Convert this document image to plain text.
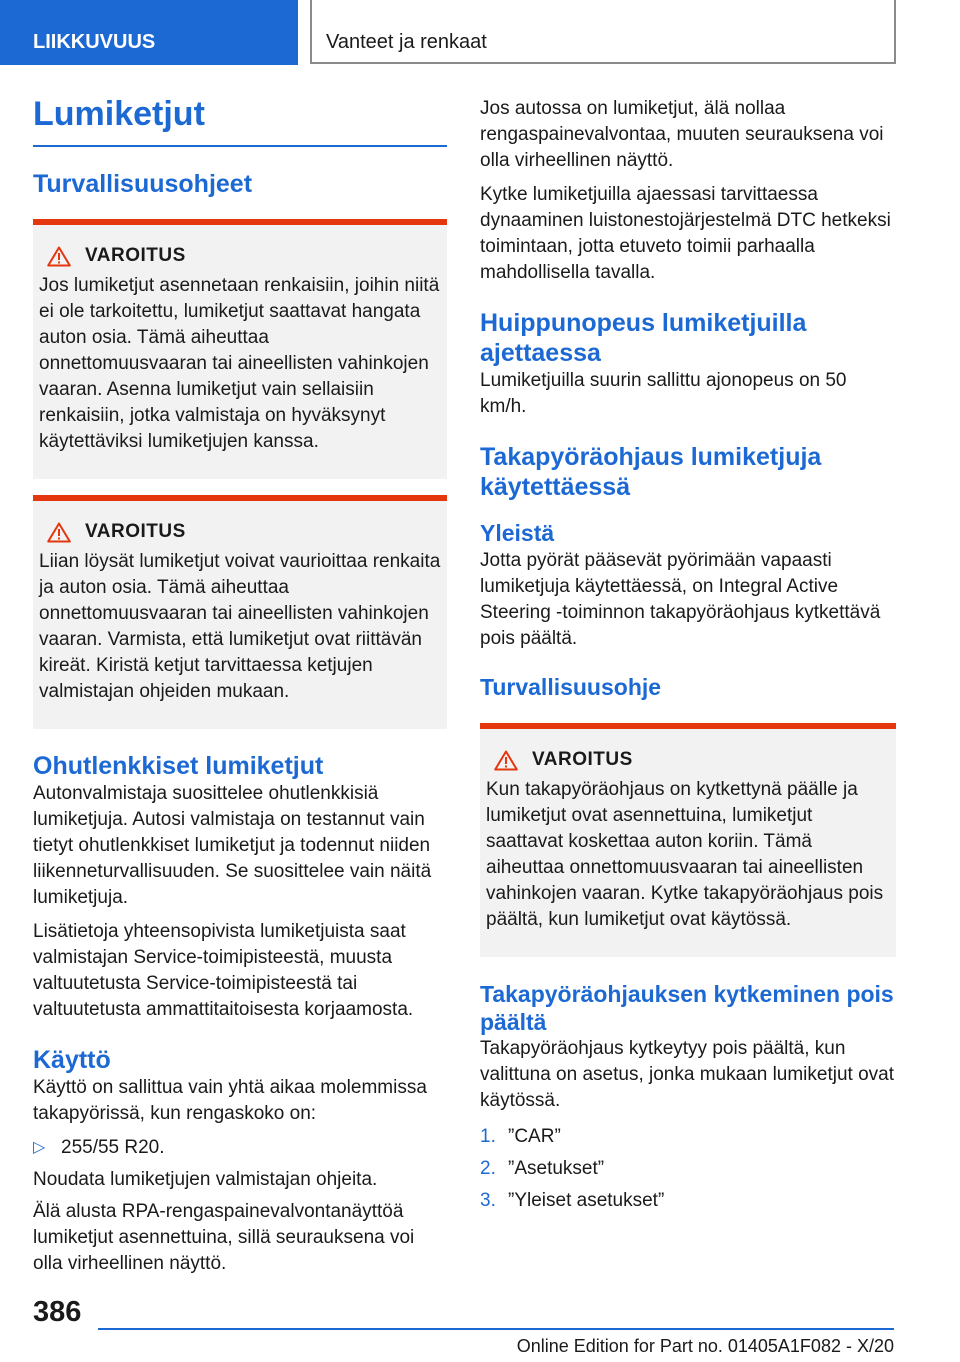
LIIKKUVUUS	Vanteet ja renkaat
Lumiketjut
Turvallisuusohjeet
VAROITUS

Jos lumiketjut asennetaan renkaisiin, joihin niitä ei ole tarkoitettu, lumiketjut saattavat hangata auton osia. Tämä aiheuttaa onnettomuusvaaran tai aineellisten vahinkojen vaaran. Asenna lumiketjut vain sellaisiin renkaisiin, jotka valmistaja on hyväksynyt käytettäviksi lumiketjujen kanssa.

VAROITUS

Liian löysät lumiketjut voivat vaurioittaa renkaita ja auton osia. Tämä aiheuttaa onnettomuusvaaran tai aineellisten vahinkojen vaaran. Varmista, että lumiketjut ovat riittävän kireät. Kiristä ketjut tarvittaessa ketjujen valmistajan ohjeiden mukaan.

Ohutlenkkiset lumiketjut

Autonvalmistaja suosittelee ohutlenkkisiä lumiketjuja. Autosi valmistaja on testannut vain tietyt ohutlenkkiset lumiketjut ja todennut niiden liikenneturvallisuuden. Se suosittelee vain näitä lumiketjuja.

Lisätietoja yhteensopivista lumiketjuista saat valmistajan Service-toimipisteestä, muusta valtuutetusta Service-toimipisteestä tai valtuutetusta ammattitaitoisesta korjaamosta.

Käyttö

Käyttö on sallittua vain yhtä aikaa molemmissa takapyörissä, kun rengaskoko on:

▷ 255/55 R20.

Noudata lumiketjujen valmistajan ohjeita.

Älä alusta RPA-rengaspainevalvontanäyttöä lumiketjut asennettuina, sillä seurauksena voi olla virheellinen näyttö.

Jos autossa on lumiketjut, älä nollaa rengaspainevalvontaa, muuten seurauksena voi olla virheellinen näyttö.

Kytke lumiketjuilla ajaessasi tarvittaessa dynaaminen luistonestojärjestelmä DTC hetkeksi toimintaan, jotta etuveto toimii parhaalla mahdollisella tavalla.

Huippunopeus lumiketjuilla ajettaessa

Lumiketjuilla suurin sallittu ajonopeus on 50 km/h.

Takapyöräohjaus lumiketjuja käytettäessä
Yleistä

Jotta pyörät pääsevät pyörimään vapaasti lumiketjuja käytettäessä, on Integral Active Steering -toiminnon takapyöräohjaus kytkettävä pois päältä.

Turvallisuusohje
VAROITUS

Kun takapyöräohjaus on kytkettynä päälle ja lumiketjut ovat asennettuina, lumiketjut saattavat koskettaa auton koriin. Tämä aiheuttaa onnettomuusvaaran tai aineellisten vahinkojen vaaran. Kytke takapyöräohjaus pois päältä, kun lumiketjut ovat käytössä.

Takapyöräohjauksen kytkeminen pois päältä

Takapyöräohjaus kytkeytyy pois päältä, kun valittuna on asetus, jonka mukaan lumiketjut ovat käytössä.

1. ”CAR”
2. ”Asetukset”
3. ”Yleiset asetukset”
386
Online Edition for Part no. 01405A1F082 - X/20
